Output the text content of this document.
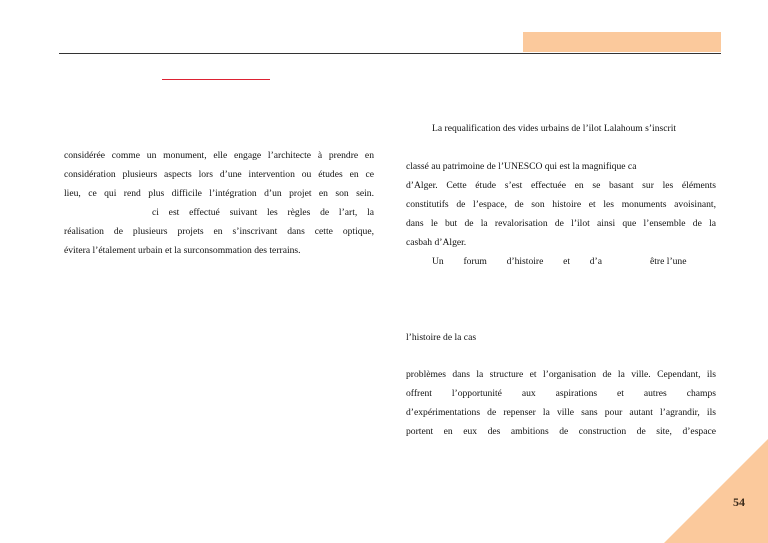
considérée comme un monument, elle engage l’architecte à prendre en
considération plusieurs aspects lors d’une intervention ou études en ce
lieu, ce qui rend plus difficile l’intégration d’un projet en son sein.
ci est effectué suivant les règles de l’art, la
réalisation de plusieurs projets en s’inscrivant dans cette optique,
évitera l’étalement urbain et la surconsommation des terrains.
La requalification des vides urbains de l’ilot Lalahoum s’inscrit
classé au patrimoine de l’UNESCO qui est la magnifique ca
d’Alger. Cette étude s’est effectuée en se basant sur les éléments
constitutifs de l’espace, de son histoire et les monuments avoisinant,
dans le but de la revalorisation de l’ilot ainsi que l’ensemble de la
casbah d’Alger.
Un forum d’histoire et d’a	être l’une
l’histoire de la cas
problèmes dans la structure et l’organisation de la ville. Cependant, ils
offrent l’opportunité aux aspirations et autres champs
d’expérimentations de repenser la ville sans pour autant l’agrandir, ils
portent en eux des ambitions de construction de site, d’espace
54
